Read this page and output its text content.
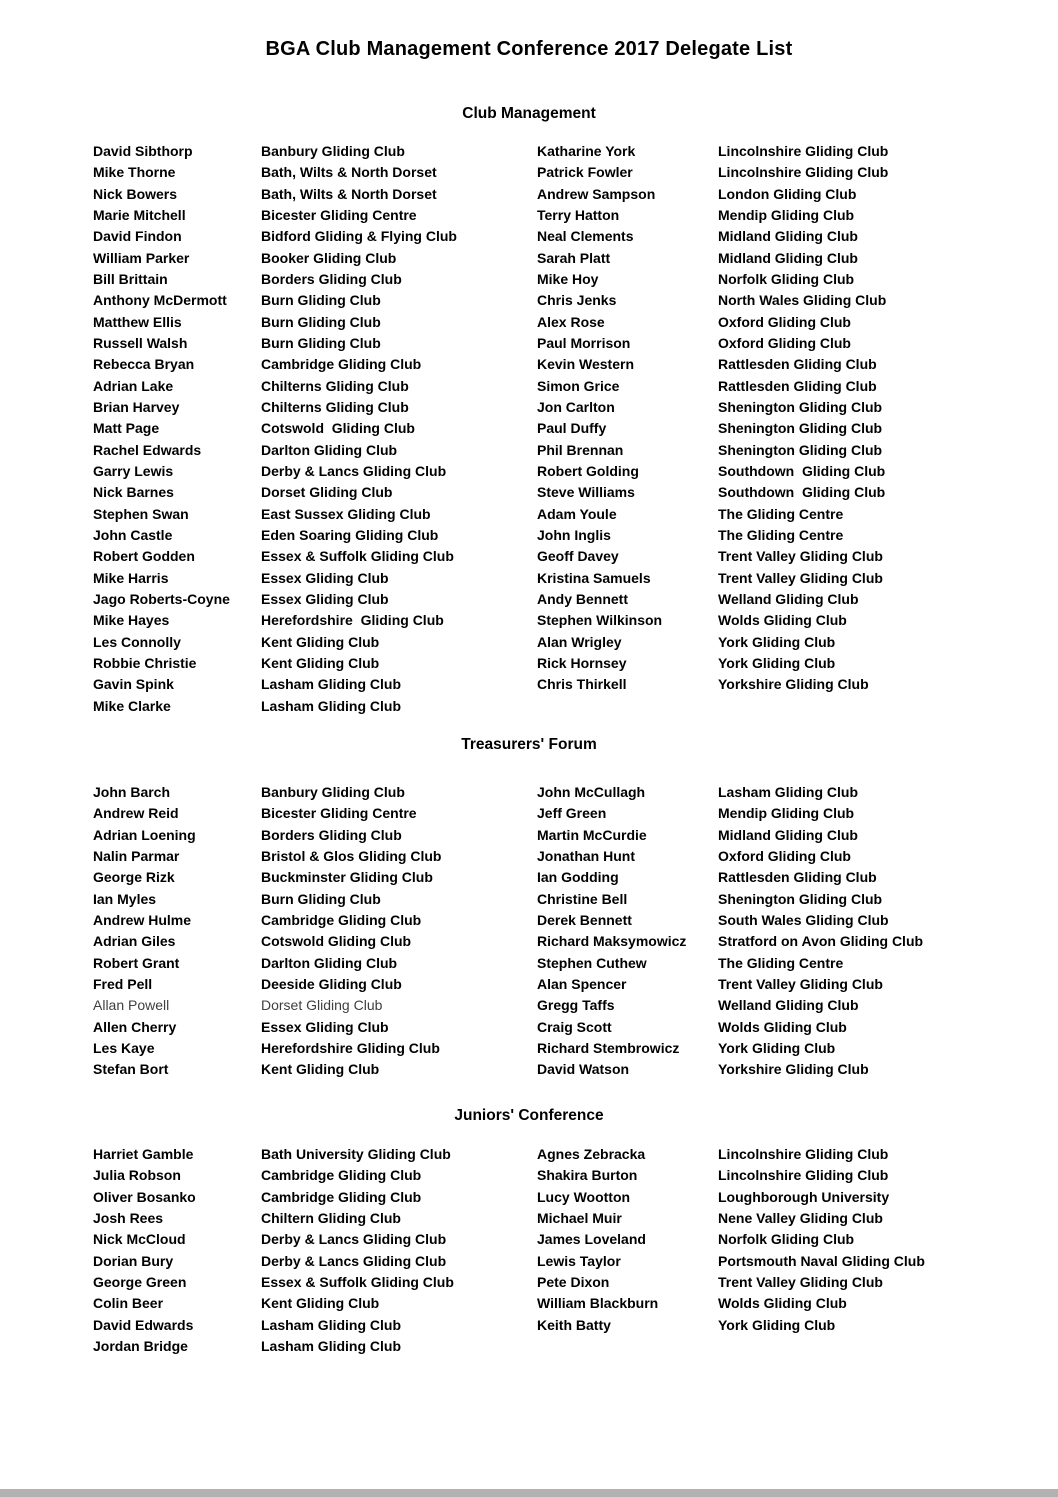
BGA Club Management Conference 2017 Delegate List
Club Management
David Sibthorp	Banbury Gliding Club	Katharine York	Lincolnshire Gliding Club
Mike Thorne	Bath, Wilts & North Dorset	Patrick Fowler	Lincolnshire Gliding Club
Nick Bowers	Bath, Wilts & North Dorset	Andrew Sampson	London Gliding Club
Marie Mitchell	Bicester Gliding Centre	Terry Hatton	Mendip Gliding Club
David Findon	Bidford Gliding & Flying Club	Neal Clements	Midland Gliding Club
William Parker	Booker Gliding Club	Sarah Platt	Midland Gliding Club
Bill Brittain	Borders Gliding Club	Mike Hoy	Norfolk Gliding Club
Anthony McDermott	Burn Gliding Club	Chris Jenks	North Wales Gliding Club
Matthew Ellis	Burn Gliding Club	Alex Rose	Oxford Gliding Club
Russell Walsh	Burn Gliding Club	Paul Morrison	Oxford Gliding Club
Rebecca Bryan	Cambridge Gliding Club	Kevin Western	Rattlesden Gliding Club
Adrian Lake	Chilterns Gliding Club	Simon Grice	Rattlesden Gliding Club
Brian Harvey	Chilterns Gliding Club	Jon Carlton	Shenington Gliding Club
Matt Page	Cotswold  Gliding Club	Paul Duffy	Shenington Gliding Club
Rachel Edwards	Darlton Gliding Club	Phil Brennan	Shenington Gliding Club
Garry Lewis	Derby & Lancs Gliding Club	Robert Golding	Southdown  Gliding Club
Nick Barnes	Dorset Gliding Club	Steve Williams	Southdown  Gliding Club
Stephen Swan	East Sussex Gliding Club	Adam Youle	The Gliding Centre
John Castle	Eden Soaring Gliding Club	John Inglis	The Gliding Centre
Robert Godden	Essex & Suffolk Gliding Club	Geoff Davey	Trent Valley Gliding Club
Mike Harris	Essex Gliding Club	Kristina Samuels	Trent Valley Gliding Club
Jago Roberts-Coyne	Essex Gliding Club	Andy Bennett	Welland Gliding Club
Mike Hayes	Herefordshire  Gliding Club	Stephen Wilkinson	Wolds Gliding Club
Les Connolly	Kent Gliding Club	Alan Wrigley	York Gliding Club
Robbie Christie	Kent Gliding Club	Rick Hornsey	York Gliding Club
Gavin Spink	Lasham Gliding Club	Chris Thirkell	Yorkshire Gliding Club
Mike Clarke	Lasham Gliding Club
Treasurers' Forum
John Barch	Banbury Gliding Club	John McCullagh	Lasham Gliding Club
Andrew Reid	Bicester Gliding Centre	Jeff Green	Mendip Gliding Club
Adrian Loening	Borders Gliding Club	Martin McCurdie	Midland Gliding Club
Nalin Parmar	Bristol & Glos Gliding Club	Jonathan Hunt	Oxford Gliding Club
George Rizk	Buckminster Gliding Club	Ian Godding	Rattlesden Gliding Club
Ian Myles	Burn Gliding Club	Christine Bell	Shenington Gliding Club
Andrew Hulme	Cambridge Gliding Club	Derek Bennett	South Wales Gliding Club
Adrian Giles	Cotswold Gliding Club	Richard Maksymowicz	Stratford on Avon Gliding Club
Robert Grant	Darlton Gliding Club	Stephen Cuthew	The Gliding Centre
Fred Pell	Deeside Gliding Club	Alan Spencer	Trent Valley Gliding Club
Allan Powell	Dorset Gliding Club	Gregg Taffs	Welland Gliding Club
Allen Cherry	Essex Gliding Club	Craig Scott	Wolds Gliding Club
Les Kaye	Herefordshire Gliding Club	Richard Stembrowicz	York Gliding Club
Stefan Bort	Kent Gliding Club	David Watson	Yorkshire Gliding Club
Juniors' Conference
Harriet Gamble	Bath University Gliding Club	Agnes Zebracka	Lincolnshire Gliding Club
Julia Robson	Cambridge Gliding Club	Shakira Burton	Lincolnshire Gliding Club
Oliver Bosanko	Cambridge Gliding Club	Lucy Wootton	Loughborough University
Josh Rees	Chiltern Gliding Club	Michael Muir	Nene Valley Gliding Club
Nick McCloud	Derby & Lancs Gliding Club	James Loveland	Norfolk Gliding Club
Dorian Bury	Derby & Lancs Gliding Club	Lewis Taylor	Portsmouth Naval Gliding Club
George Green	Essex & Suffolk Gliding Club	Pete Dixon	Trent Valley Gliding Club
Colin Beer	Kent Gliding Club	William Blackburn	Wolds Gliding Club
David Edwards	Lasham Gliding Club	Keith Batty	York Gliding Club
Jordan Bridge	Lasham Gliding Club
